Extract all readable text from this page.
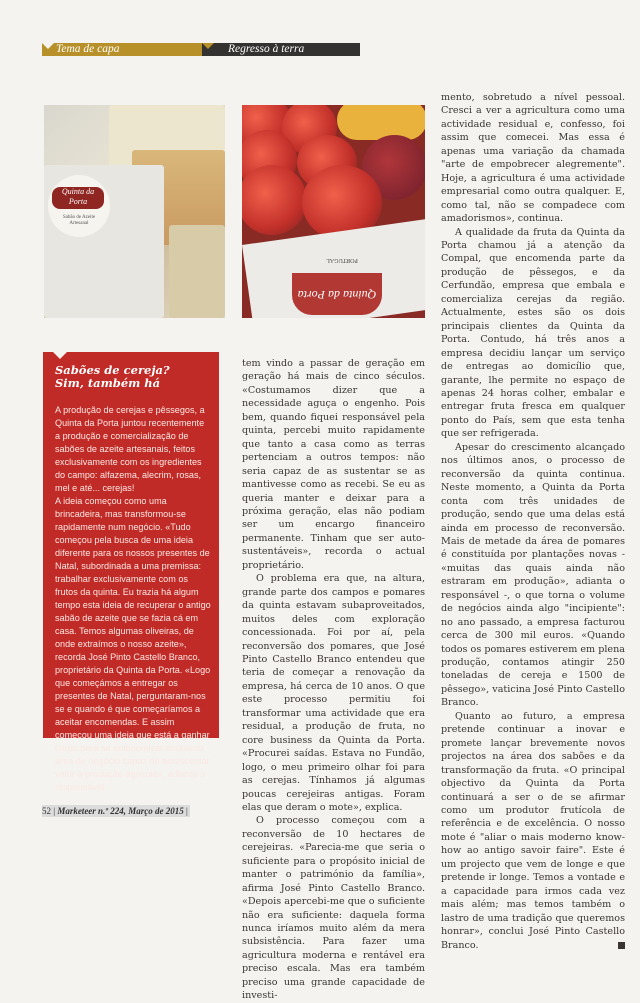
Tema de capa	Regresso à terra
Quinta da Porta
Sabão de Azeite Artesanal
Quinta da Porta
PORTUGAL
Sabões de cereja?
Sim, também há

A produção de cerejas e pêssegos, a Quinta da Porta juntou recentemente a produção e comercialização de sabões de azeite artesanais, feitos exclusivamente com os ingredientes do campo: alfazema, alecrim, rosas, mel e até... cerejas!

A ideia começou como uma brincadeira, mas transformou-se rapidamente num negócio. «Tudo começou pela busca de uma ideia diferente para os nossos presentes de Natal, subordinada a uma premissa: trabalhar exclusivamente com os frutos da quinta. Eu trazia há algum tempo esta ideia de recuperar o antigo sabão de azeite que se fazia cá em casa. Temos algumas oliveiras, de onde extraímos o nosso azeite», recorda José Pinto Castello Branco, proprietário da Quinta da Porta. «Logo que começámos a entregar os presentes de Natal, perguntaram-nos se e quando é que começaríamos a aceitar encomendas. E assim começou uma ideia que está a ganhar corpo para se autonomizar enquanto área de negócio capaz de acrescentar valor à produção agrícola», adianta o responsável.

tem vindo a passar de geração em geração há mais de cinco séculos. «Costumamos dizer que a necessidade aguça o engenho. Pois bem, quando fiquei responsável pela quinta, percebi muito rapidamente que tanto a casa como as terras pertenciam a outros tempos: não seria capaz de as sustentar se as mantivesse como as recebi. Se eu as queria manter e deixar para a próxima geração, elas não podiam ser um encargo financeiro permanente. Tinham que ser auto-sustentáveis», recorda o actual proprietário.

O problema era que, na altura, grande parte dos campos e pomares da quinta estavam subaproveitados, muitos deles com exploração concessionada. Foi por aí, pela reconversão dos pomares, que José Pinto Castello Branco entendeu que teria de começar a renovação da empresa, há cerca de 10 anos. O que este processo permitiu foi transformar uma actividade que era residual, a produção de fruta, no core business da Quinta da Porta. «Procurei saídas. Estava no Fundão, logo, o meu primeiro olhar foi para as cerejas. Tínhamos já algumas poucas cerejeiras antigas. Foram elas que deram o mote», explica.

O processo começou com a reconversão de 10 hectares de cerejeiras. «Parecia-me que seria o suficiente para o propósito inicial de manter o património da família», afirma José Pinto Castello Branco. «Depois apercebi-me que o suficiente não era suficiente: daquela forma nunca iríamos muito além da mera subsistência. Para fazer uma agricultura moderna e rentável era preciso escala. Mas era também preciso uma grande capacidade de investi-

mento, sobretudo a nível pessoal. Cresci a ver a agricultura como uma actividade residual e, confesso, foi assim que comecei. Mas essa é apenas uma variação da chamada "arte de empobrecer alegremente". Hoje, a agricultura é uma actividade empresarial como outra qualquer. E, como tal, não se compadece com amadorismos», continua.

A qualidade da fruta da Quinta da Porta chamou já a atenção da Compal, que encomenda parte da produção de pêssegos, e da Cerfundão, empresa que embala e comercializa cerejas da região. Actualmente, estes são os dois principais clientes da Quinta da Porta. Contudo, há três anos a empresa decidiu lançar um serviço de entregas ao domicílio que, garante, lhe permite no espaço de apenas 24 horas colher, embalar e entregar fruta fresca em qualquer ponto do País, sem que esta tenha que ser refrigerada.

Apesar do crescimento alcançado nos últimos anos, o processo de reconversão da quinta continua. Neste momento, a Quinta da Porta conta com três unidades de produção, sendo que uma delas está ainda em processo de reconversão. Mais de metade da área de pomares é constituída por plantações novas - «muitas das quais ainda não estraram em produção», adianta o responsável -, o que torna o volume de negócios ainda algo "incipiente": no ano passado, a empresa facturou cerca de 300 mil euros. «Quando todos os pomares estiverem em plena produção, contamos atingir 250 toneladas de cereja e 1500 de pêssego», vaticina José Pinto Castello Branco.

Quanto ao futuro, a empresa pretende continuar a inovar e promete lançar brevemente novos projectos na área dos sabões e da transformação da fruta. «O principal objectivo da Quinta da Porta continuará a ser o de se afirmar como um produtor frutícola de referência e de excelência. O nosso mote é "aliar o mais moderno know-how ao antigo savoir faire". Este é um projecto que vem de longe e que pretende ir longe. Temos a vontade e a capacidade para irmos cada vez mais além; mas temos também o lastro de uma tradição que queremos honrar», conclui José Pinto Castello Branco.

52 | Marketeer n.º 224, Março de 2015 |
